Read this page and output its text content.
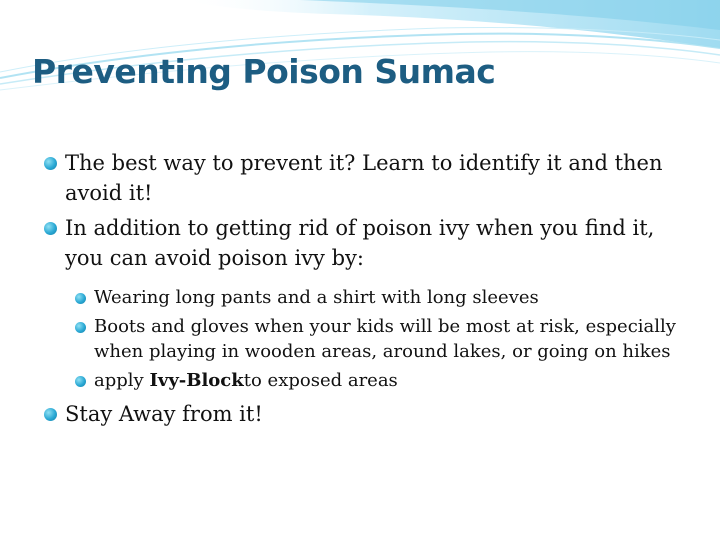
Preventing Poison Sumac
The best way to prevent it? Learn to identify it and then avoid it!
In addition to getting rid of poison ivy when you find it, you can avoid poison ivy by:
Wearing long pants and a shirt with long sleeves
Boots and gloves when your kids will be most at risk, especially when playing in wooden areas, around lakes, or going on hikes
apply Ivy-Blockto exposed areas
Stay Away from it!
